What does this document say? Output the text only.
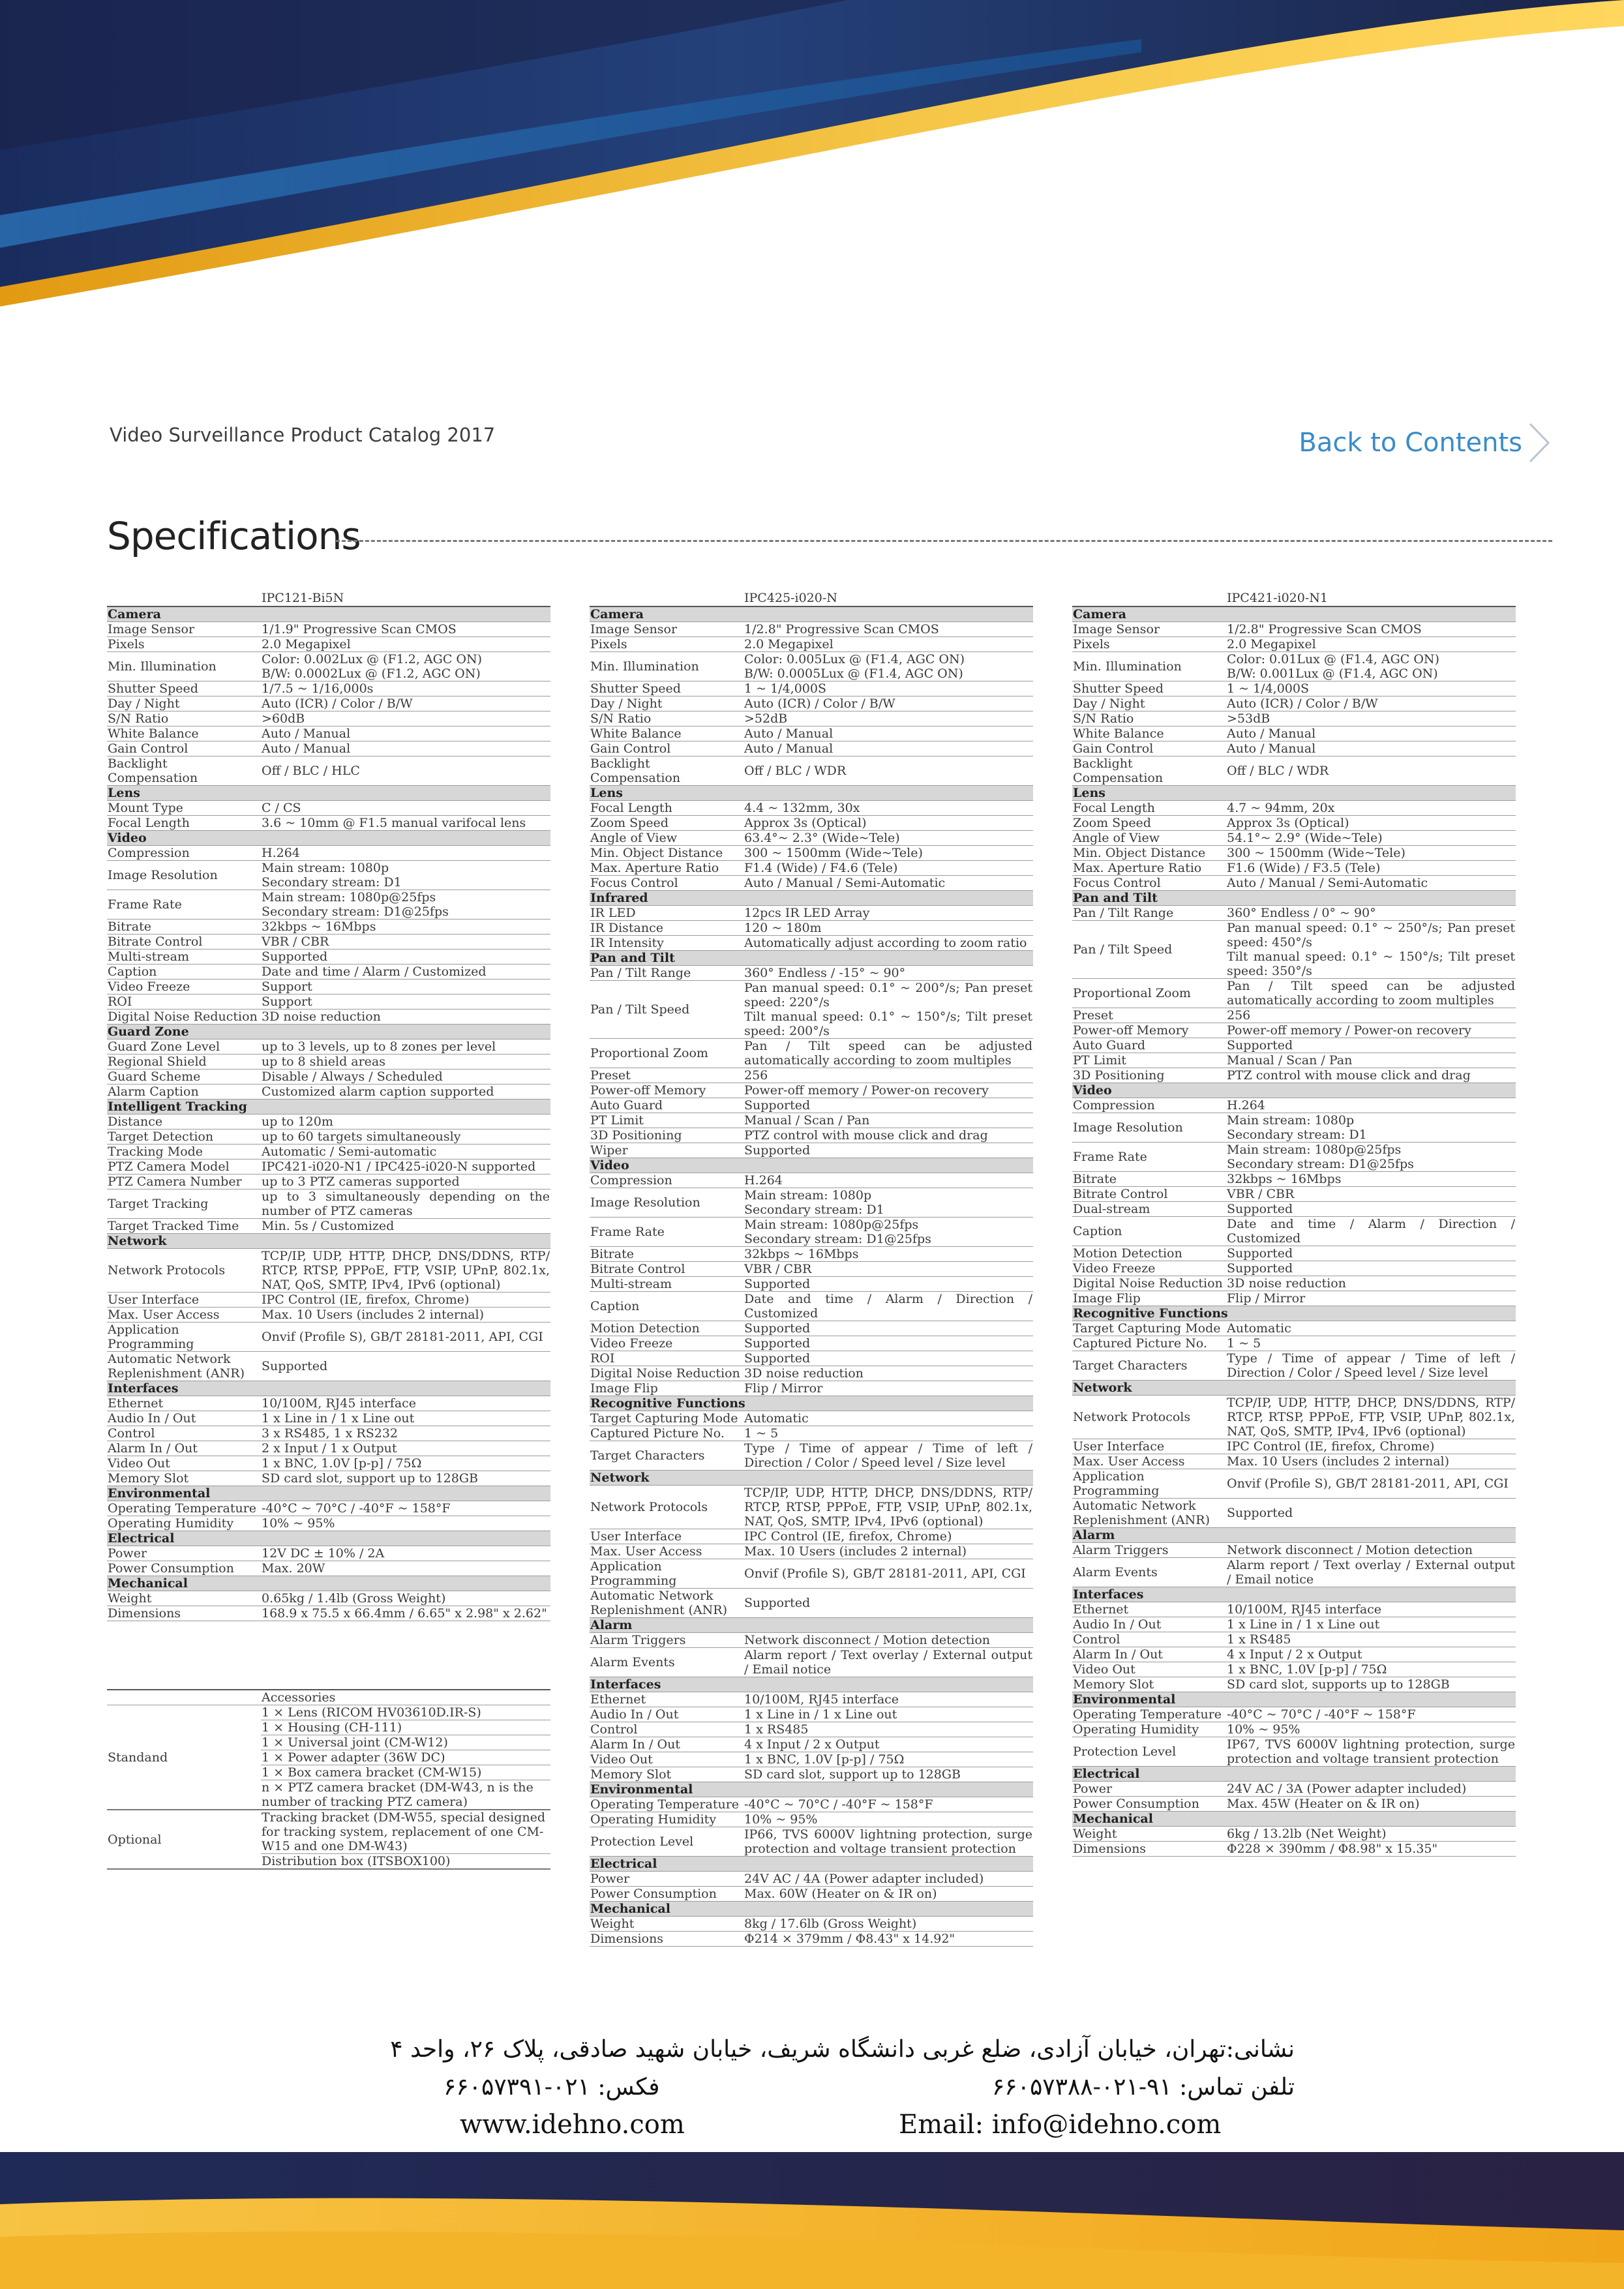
Video Surveillance Product Catalog 2017	Back to Contents
Specifications
	IPC121-Bi5N
Camera	
Image Sensor	1/1.9" Progressive Scan CMOS
Pixels	2.0 Megapixel
Min. Illumination	Color: 0.002Lux @ (F1.2, AGC ON)
B/W: 0.0002Lux @ (F1.2, AGC ON)
Shutter Speed	1/7.5 ~ 1/16,000s
Day / Night	Auto (ICR) / Color / B/W
S/N Ratio	>60dB
White Balance	Auto / Manual
Gain Control	Auto / Manual
Backlight Compensation	Off / BLC / HLC
Lens	
Mount Type	C / CS
Focal Length	3.6 ~ 10mm @ F1.5 manual varifocal lens
Video	
Compression	H.264
Image Resolution	Main stream: 1080p
Secondary stream: D1
Frame Rate	Main stream: 1080p@25fps
Secondary stream: D1@25fps
Bitrate	32kbps ~ 16Mbps
Bitrate Control	VBR / CBR
Multi-stream	Supported
Caption	Date and time / Alarm / Customized
Video Freeze	Support
ROI	Support
Digital Noise Reduction	3D noise reduction
Guard Zone	
Guard Zone Level	up to 3 levels, up to 8 zones per level
Regional Shield	up to 8 shield areas
Guard Scheme	Disable / Always / Scheduled
Alarm Caption	Customized alarm caption supported
Intelligent Tracking	
Distance	up to 120m
Target Detection	up to 60 targets simultaneously
Tracking Mode	Automatic / Semi-automatic
PTZ Camera Model	IPC421-i020-N1 / IPC425-i020-N supported
PTZ Camera Number	up to 3 PTZ cameras supported
Target Tracking	up to 3 simultaneously depending on the number of PTZ cameras
Target Tracked Time	Min. 5s / Customized
Network	
Network Protocols	TCP/IP, UDP, HTTP, DHCP, DNS/DDNS, RTP/ RTCP, RTSP, PPPoE, FTP, VSIP, UPnP, 802.1x, NAT, QoS, SMTP, IPv4, IPv6 (optional)
User Interface	IPC Control (IE, firefox, Chrome)
Max. User Access	Max. 10 Users (includes 2 internal)
Application Programming	Onvif (Profile S), GB/T 28181-2011, API, CGI
Automatic Network
Replenishment (ANR)	Supported
Interfaces	
Ethernet	10/100M, RJ45 interface
Audio In / Out	1 x Line in / 1 x Line out
Control	3 x RS485, 1 x RS232
Alarm In / Out	2 x Input / 1 x Output
Video Out	1 x BNC, 1.0V [p-p] / 75Ω
Memory Slot	SD card slot, support up to 128GB
Environmental	
Operating Temperature	-40°C ~ 70°C / -40°F ~ 158°F
Operating Humidity	10% ~ 95%
Electrical	
Power	12V DC ± 10% / 2A
Power Consumption	Max. 20W
Mechanical	
Weight	0.65kg / 1.4lb (Gross Weight)
Dimensions	168.9 x 75.5 x 66.4mm / 6.65" x 2.98" x 2.62"
	IPC425-i020-N
Camera	
Image Sensor	1/2.8" Progressive Scan CMOS
Pixels	2.0 Megapixel
Min. Illumination	Color: 0.005Lux @ (F1.4, AGC ON)
B/W: 0.0005Lux @ (F1.4, AGC ON)
Shutter Speed	1 ~ 1/4,000S
Day / Night	Auto (ICR) / Color / B/W
S/N Ratio	>52dB
White Balance	Auto / Manual
Gain Control	Auto / Manual
Backlight Compensation	Off / BLC / WDR
Lens	
Focal Length	4.4 ~ 132mm, 30x
Zoom Speed	Approx 3s (Optical)
Angle of View	63.4°~ 2.3° (Wide~Tele)
Min. Object Distance	300 ~ 1500mm (Wide~Tele)
Max. Aperture Ratio	F1.4 (Wide) / F4.6 (Tele)
Focus Control	Auto / Manual / Semi-Automatic
Infrared	
IR LED	12pcs IR LED Array
IR Distance	120 ~ 180m
IR Intensity	Automatically adjust according to zoom ratio
Pan and Tilt	
Pan / Tilt Range	360° Endless / -15° ~ 90°
Pan / Tilt Speed	Pan manual speed: 0.1° ~ 200°/s; Pan preset speed: 220°/s
Tilt manual speed: 0.1° ~ 150°/s; Tilt preset speed: 200°/s
Proportional Zoom	Pan / Tilt speed can be adjusted automatically according to zoom multiples
Preset	256
Power-off Memory	Power-off memory / Power-on recovery
Auto Guard	Supported
PT Limit	Manual / Scan / Pan
3D Positioning	PTZ control with mouse click and drag
Wiper	Supported
Video	
Compression	H.264
Image Resolution	Main stream: 1080p
Secondary stream: D1
Frame Rate	Main stream: 1080p@25fps
Secondary stream: D1@25fps
Bitrate	32kbps ~ 16Mbps
Bitrate Control	VBR / CBR
Multi-stream	Supported
Caption	Date and time / Alarm / Direction / Customized
Motion Detection	Supported
Video Freeze	Supported
ROI	Supported
Digital Noise Reduction	3D noise reduction
Image Flip	Flip / Mirror
Recognitive Functions	
Target Capturing Mode	Automatic
Captured Picture No.	1 ~ 5
Target Characters	Type / Time of appear / Time of left / Direction / Color / Speed level / Size level
Network	
Network Protocols	TCP/IP, UDP, HTTP, DHCP, DNS/DDNS, RTP/ RTCP, RTSP, PPPoE, FTP, VSIP, UPnP, 802.1x, NAT, QoS, SMTP, IPv4, IPv6 (optional)
User Interface	IPC Control (IE, firefox, Chrome)
Max. User Access	Max. 10 Users (includes 2 internal)
Application Programming	Onvif (Profile S), GB/T 28181-2011, API, CGI
Automatic Network
Replenishment (ANR)	Supported
Alarm	
Alarm Triggers	Network disconnect / Motion detection
Alarm Events	Alarm report / Text overlay / External output / Email notice
Interfaces	
Ethernet	10/100M, RJ45 interface
Audio In / Out	1 x Line in / 1 x Line out
Control	1 x RS485
Alarm In / Out	4 x Input / 2 x Output
Video Out	1 x BNC, 1.0V [p-p] / 75Ω
Memory Slot	SD card slot, support up to 128GB
Environmental	
Operating Temperature	-40°C ~ 70°C / -40°F ~ 158°F
Operating Humidity	10% ~ 95%
Protection Level	IP66, TVS 6000V lightning protection, surge protection and voltage transient protection
Electrical	
Power	24V AC / 4A (Power adapter included)
Power Consumption	Max. 60W (Heater on & IR on)
Mechanical	
Weight	8kg / 17.6lb (Gross Weight)
Dimensions	Φ214 × 379mm / Φ8.43" x 14.92"
	IPC421-i020-N1
Camera	
Image Sensor	1/2.8" Progressive Scan CMOS
Pixels	2.0 Megapixel
Min. Illumination	Color: 0.01Lux @ (F1.4, AGC ON)
B/W: 0.001Lux @ (F1.4, AGC ON)
Shutter Speed	1 ~ 1/4,000S
Day / Night	Auto (ICR) / Color / B/W
S/N Ratio	>53dB
White Balance	Auto / Manual
Gain Control	Auto / Manual
Backlight Compensation	Off / BLC / WDR
Lens	
Focal Length	4.7 ~ 94mm, 20x
Zoom Speed	Approx 3s (Optical)
Angle of View	54.1°~ 2.9° (Wide~Tele)
Min. Object Distance	300 ~ 1500mm (Wide~Tele)
Max. Aperture Ratio	F1.6 (Wide) / F3.5 (Tele)
Focus Control	Auto / Manual / Semi-Automatic
Pan and Tilt	
Pan / Tilt Range	360° Endless / 0° ~ 90°
Pan / Tilt Speed	Pan manual speed: 0.1° ~ 250°/s; Pan preset speed: 450°/s
Tilt manual speed: 0.1° ~ 150°/s; Tilt preset speed: 350°/s
Proportional Zoom	Pan / Tilt speed can be adjusted automatically according to zoom multiples
Preset	256
Power-off Memory	Power-off memory / Power-on recovery
Auto Guard	Supported
PT Limit	Manual / Scan / Pan
3D Positioning	PTZ control with mouse click and drag
Video	
Compression	H.264
Image Resolution	Main stream: 1080p
Secondary stream: D1
Frame Rate	Main stream: 1080p@25fps
Secondary stream: D1@25fps
Bitrate	32kbps ~ 16Mbps
Bitrate Control	VBR / CBR
Dual-stream	Supported
Caption	Date and time / Alarm / Direction / Customized
Motion Detection	Supported
Video Freeze	Supported
Digital Noise Reduction	3D noise reduction
Image Flip	Flip / Mirror
Recognitive Functions	
Target Capturing Mode	Automatic
Captured Picture No.	1 ~ 5
Target Characters	Type / Time of appear / Time of left / Direction / Color / Speed level / Size level
Network	
Network Protocols	TCP/IP, UDP, HTTP, DHCP, DNS/DDNS, RTP/ RTCP, RTSP, PPPoE, FTP, VSIP, UPnP, 802.1x, NAT, QoS, SMTP, IPv4, IPv6 (optional)
User Interface	IPC Control (IE, firefox, Chrome)
Max. User Access	Max. 10 Users (includes 2 internal)
Application Programming	Onvif (Profile S), GB/T 28181-2011, API, CGI
Automatic Network
Replenishment (ANR)	Supported
Alarm	
Alarm Triggers	Network disconnect / Motion detection
Alarm Events	Alarm report / Text overlay / External output / Email notice
Interfaces	
Ethernet	10/100M, RJ45 interface
Audio In / Out	1 x Line in / 1 x Line out
Control	1 x RS485
Alarm In / Out	4 x Input / 2 x Output
Video Out	1 x BNC, 1.0V [p-p] / 75Ω
Memory Slot	SD card slot, supports up to 128GB
Environmental	
Operating Temperature	-40°C ~ 70°C / -40°F ~ 158°F
Operating Humidity	10% ~ 95%
Protection Level	IP67, TVS 6000V lightning protection, surge protection and voltage transient protection
Electrical	
Power	24V AC / 3A (Power adapter included)
Power Consumption	Max. 45W (Heater on & IR on)
Mechanical	
Weight	6kg / 13.2lb (Net Weight)
Dimensions	Φ228 × 390mm / Φ8.98" x 15.35"
	Accessories
Standand	1 × Lens (RICOM HV03610D.IR-S)
	1 × Housing (CH-111)
	1 × Universal joint (CM-W12)
	1 × Power adapter (36W DC)
	1 × Box camera bracket (CM-W15)
	n × PTZ camera bracket (DM-W43, n is the number of tracking PTZ camera)
Optional	Tracking bracket (DM-W55, special designed for tracking system, replacement of one CM-W15 and one DM-W43)
	Distribution box (ITSBOX100)
نشانی:تهران، خیابان آزادی، ضلع غربی دانشگاه شریف، خیابان شهید صادقی، پلاک ۲۶، واحد ۴
تلفن تماس: ۹۱-۰۲۱-۶۶۰۵۷۳۸۸
فکس: ۰۲۱-۶۶۰۵۷۳۹۱
www.idehno.com	Email: info@idehno.com
